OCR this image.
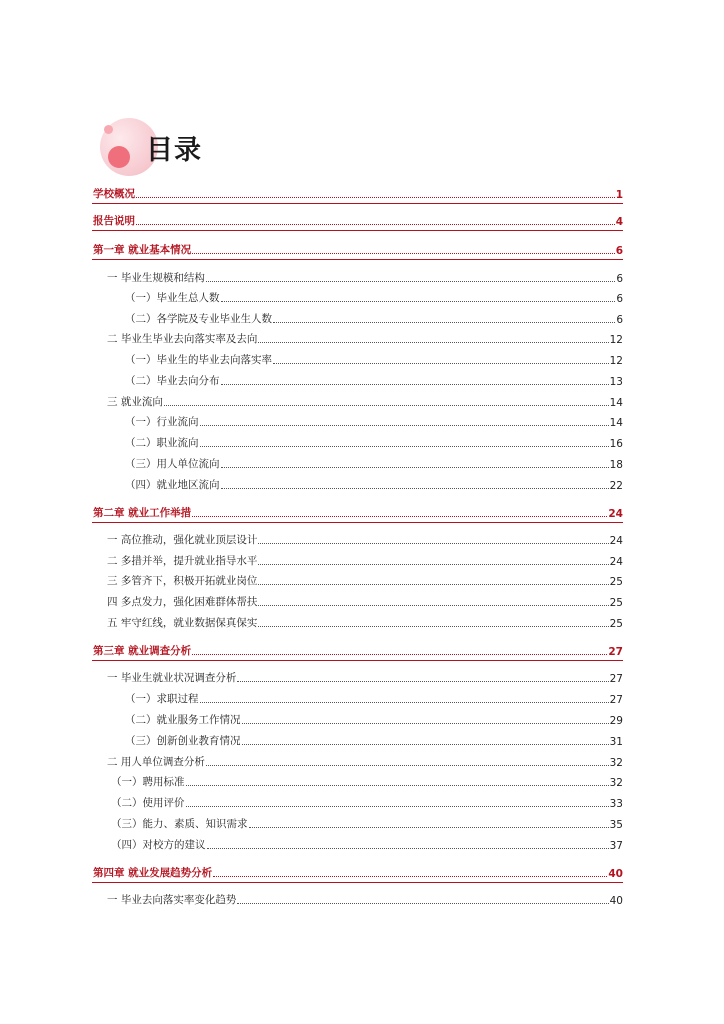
目录
学校概况	1
报告说明	4
第一章 就业基本情况	6
一 毕业生规模和结构	6
（一）毕业生总人数	6
（二）各学院及专业毕业生人数	6
二 毕业生毕业去向落实率及去向	12
（一）毕业生的毕业去向落实率	12
（二）毕业去向分布	13
三 就业流向	14
（一）行业流向	14
（二）职业流向	16
（三）用人单位流向	18
（四）就业地区流向	22
第二章 就业工作举措	24
一 高位推动，强化就业顶层设计	24
二 多措并举，提升就业指导水平	24
三 多管齐下，积极开拓就业岗位	25
四 多点发力，强化困难群体帮扶	25
五 牢守红线，就业数据保真保实	25
第三章 就业调查分析	27
一 毕业生就业状况调查分析	27
（一）求职过程	27
（二）就业服务工作情况	29
（三）创新创业教育情况	31
二 用人单位调查分析	32
（一）聘用标准	32
（二）使用评价	33
（三）能力、素质、知识需求	35
（四）对校方的建议	37
第四章 就业发展趋势分析	40
一 毕业去向落实率变化趋势	40
